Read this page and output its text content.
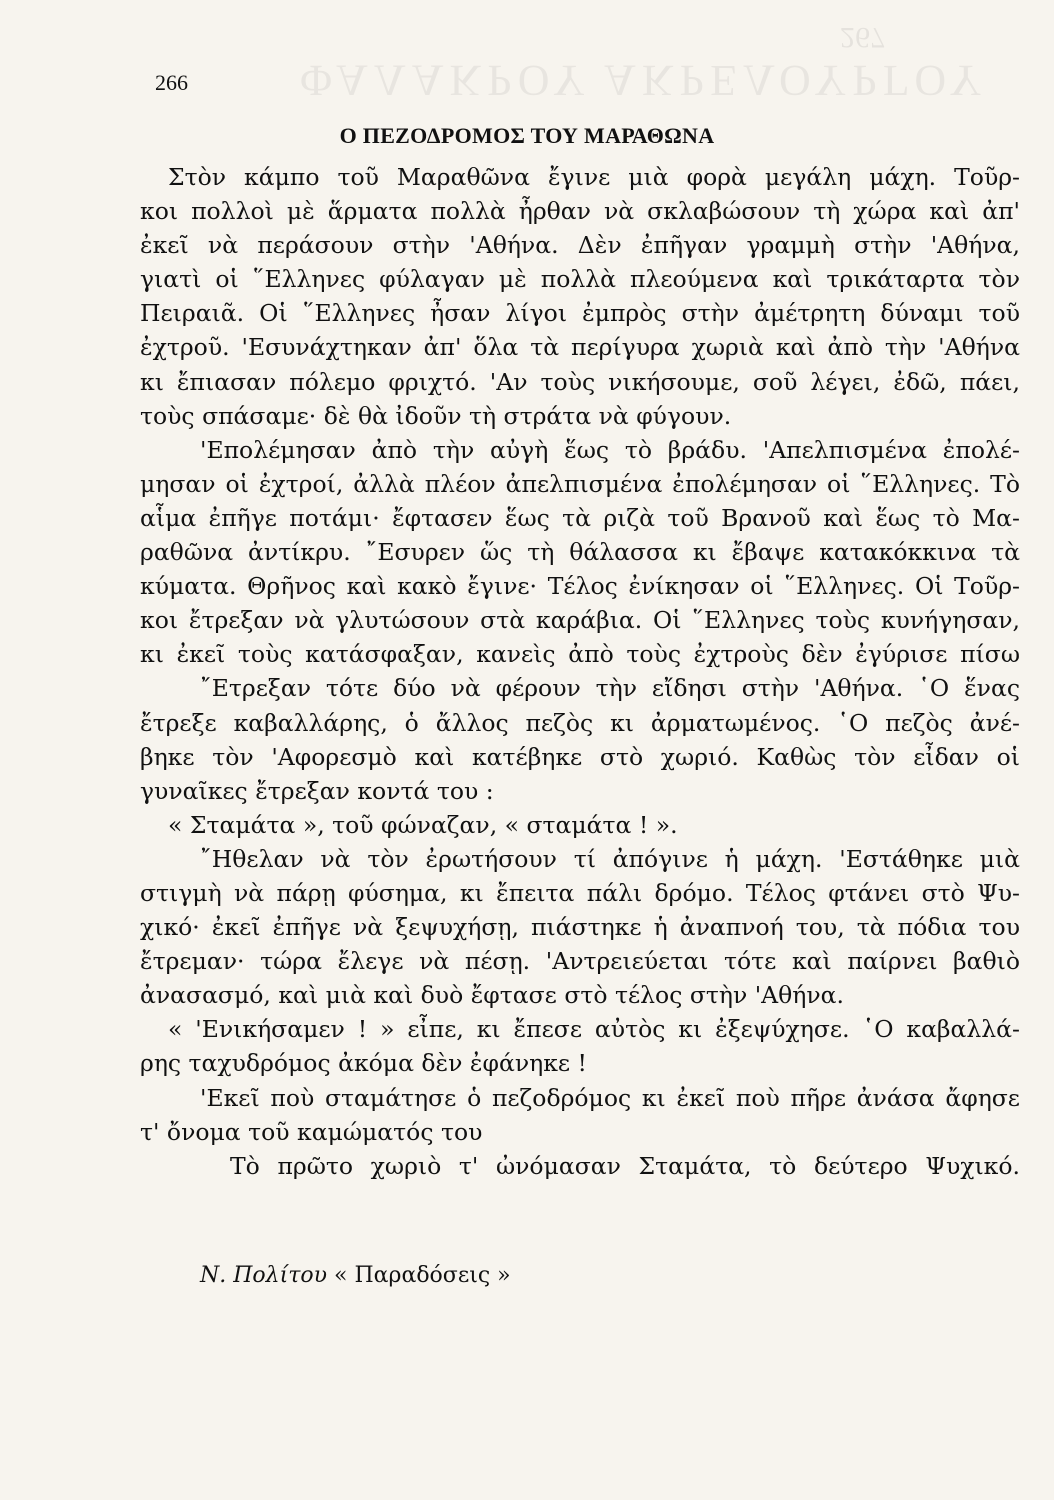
ΦΑΛΑΚΡΟΥ ΑΚΡΕΛΟΥΡΓΟΥ
267
266
Ο ΠΕΖΟΔΡΟΜΟΣ ΤΟΥ ΜΑΡΑΘΩΝΑ
Στὸν κάμπο τοῦ Μαραθῶνα ἔγινε μιὰ φορὰ μεγάλη μάχη. Τοῦρ-
κοι πολλοὶ μὲ ἅρματα πολλὰ ἦρθαν νὰ σκλαβώσουν τὴ χώρα καὶ ἀπ'
ἐκεῖ νὰ περάσουν στὴν 'Αθήνα. Δὲν ἐπῆγαν γραμμὴ στὴν 'Αθήνα,
γιατὶ οἱ ῞Ελληνες φύλαγαν μὲ πολλὰ πλεούμενα καὶ τρικάταρτα τὸν
Πειραιᾶ. Οἱ ῞Ελληνες ἦσαν λίγοι ἐμπρὸς στὴν ἀμέτρητη δύναμι τοῦ
ἐχτροῦ. 'Εσυνάχτηκαν ἀπ' ὅλα τὰ περίγυρα χωριὰ καὶ ἀπὸ τὴν 'Αθήνα
κι ἔπιασαν πόλεμο φριχτό. 'Αν τοὺς νικήσουμε, σοῦ λέγει, ἐδῶ, πάει,
τοὺς σπάσαμε· δὲ θὰ ἰδοῦν τὴ στράτα νὰ φύγουν.
'Επολέμησαν ἀπὸ τὴν αὐγὴ ἕως τὸ βράδυ. 'Απελπισμένα ἐπολέ-
μησαν οἱ ἐχτροί, ἀλλὰ πλέον ἀπελπισμένα ἐπολέμησαν οἱ ῞Ελληνες. Τὸ
αἷμα ἐπῆγε ποτάμι· ἔφτασεν ἕως τὰ ριζὰ τοῦ Βρανοῦ καὶ ἕως τὸ Μα-
ραθῶνα ἀντίκρυ. ῎Εσυρεν ὥς τὴ θάλασσα κι ἔβαψε κατακόκκινα τὰ
κύματα. Θρῆνος καὶ κακὸ ἔγινε· Τέλος ἐνίκησαν οἱ ῞Ελληνες. Οἱ Τοῦρ-
κοι ἔτρεξαν νὰ γλυτώσουν στὰ καράβια. Οἱ ῞Ελληνες τοὺς κυνήγησαν,
κι ἐκεῖ τοὺς κατάσφαξαν, κανεὶς ἀπὸ τοὺς ἐχτροὺς δὲν ἐγύρισε πίσω
῎Ετρεξαν τότε δύο νὰ φέρουν τὴν εἴδησι στὴν 'Αθήνα. ῾Ο ἕνας
ἔτρεξε καβαλλάρης, ὁ ἄλλος πεζὸς κι ἀρματωμένος. ῾Ο πεζὸς ἀνέ-
βηκε τὸν 'Αφορεσμὸ καὶ κατέβηκε στὸ χωριό. Καθὼς τὸν εἶδαν οἱ
γυναῖκες ἔτρεξαν κοντά του :
« Σταμάτα », τοῦ φώναζαν, « σταμάτα ! ».
῎Ηθελαν νὰ τὸν ἐρωτήσουν τί ἀπόγινε ἡ μάχη. 'Εστάθηκε μιὰ
στιγμὴ νὰ πάρῃ φύσημα, κι ἔπειτα πάλι δρόμο. Τέλος φτάνει στὸ Ψυ-
χικό· ἐκεῖ ἐπῆγε νὰ ξεψυχήσῃ, πιάστηκε ἡ ἀναπνοή του, τὰ πόδια του
ἔτρεμαν· τώρα ἔλεγε νὰ πέσῃ. 'Αντρειεύεται τότε καὶ παίρνει βαθιὸ
ἀνασασμό, καὶ μιὰ καὶ δυὸ ἔφτασε στὸ τέλος στὴν 'Αθήνα.
« 'Ενικήσαμεν ! » εἶπε, κι ἔπεσε αὐτὸς κι ἐξεψύχησε. ῾Ο καβαλλά-
ρης ταχυδρόμος ἀκόμα δὲν ἐφάνηκε !
'Εκεῖ ποὺ σταμάτησε ὁ πεζοδρόμος κι ἐκεῖ ποὺ πῆρε ἀνάσα ἄφησε
τ' ὄνομα τοῦ καμώματός του
Τὸ πρῶτο χωριὸ τ' ὠνόμασαν Σταμάτα, τὸ δεύτερο Ψυχικό.
Ν. Πολίτου « Παραδόσεις »
